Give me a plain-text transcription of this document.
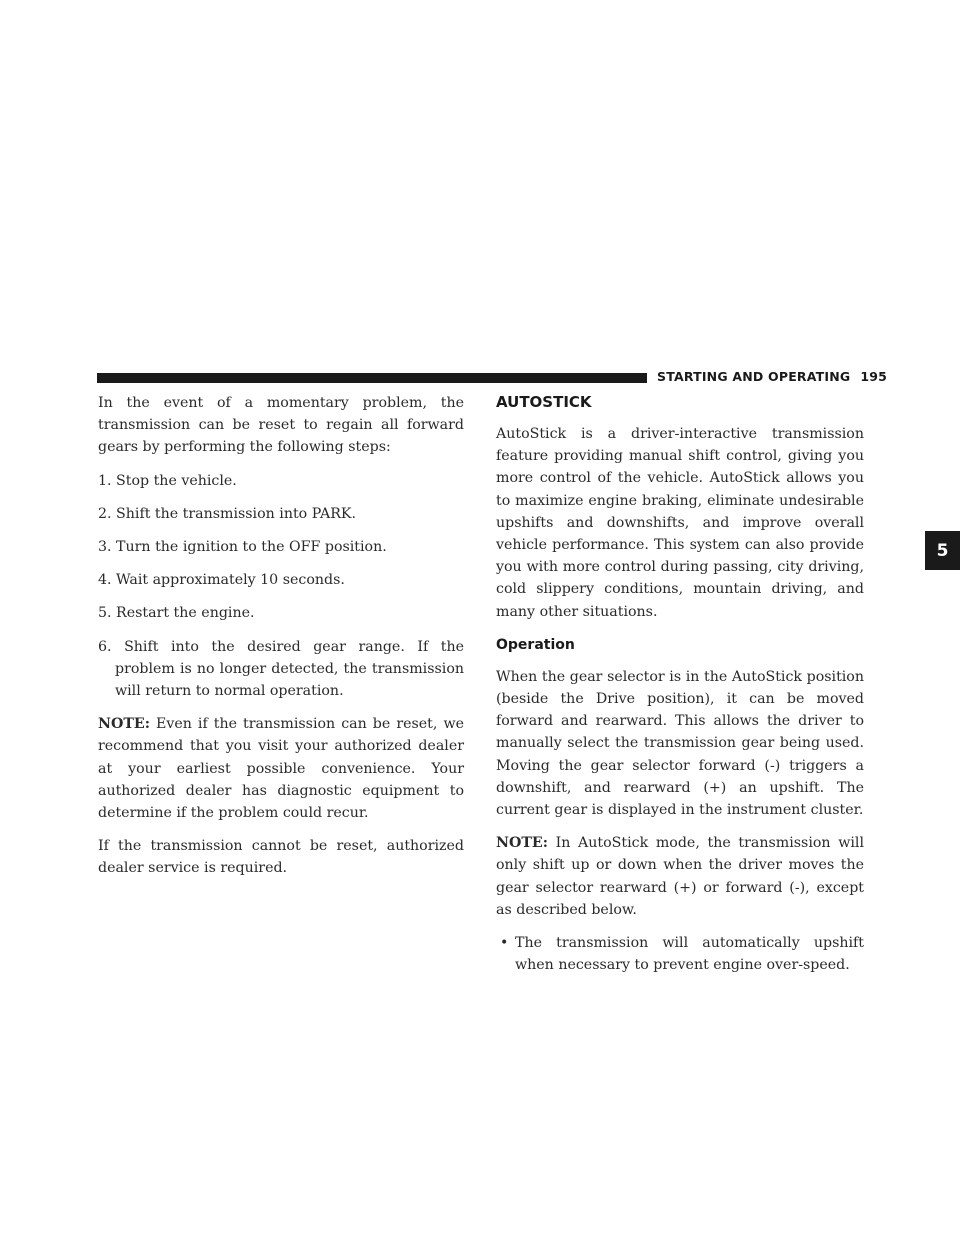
STARTING AND OPERATING 195
5

In the event of a momentary problem, the transmission can be reset to regain all forward gears by performing the following steps:

1. Stop the vehicle.
2. Shift the transmission into PARK.
3. Turn the ignition to the OFF position.
4. Wait approximately 10 seconds.
5. Restart the engine.
6. Shift into the desired gear range. If the problem is no longer detected, the transmission will return to normal operation.

NOTE: Even if the transmission can be reset, we recommend that you visit your authorized dealer at your earliest possible convenience. Your authorized dealer has diagnostic equipment to determine if the problem could recur.

If the transmission cannot be reset, authorized dealer service is required.

AUTOSTICK

AutoStick is a driver-interactive transmission feature providing manual shift control, giving you more control of the vehicle. AutoStick allows you to maximize engine braking, eliminate undesirable upshifts and downshifts, and improve overall vehicle performance. This system can also provide you with more control during passing, city driving, cold slippery conditions, mountain driving, and many other situations.

Operation

When the gear selector is in the AutoStick position (beside the Drive position), it can be moved forward and rearward. This allows the driver to manually select the transmission gear being used. Moving the gear selector forward (-) triggers a downshift, and rearward (+) an upshift. The current gear is displayed in the instrument cluster.

NOTE: In AutoStick mode, the transmission will only shift up or down when the driver moves the gear selector rearward (+) or forward (-), except as described below.

• The transmission will automatically upshift when necessary to prevent engine over-speed.
